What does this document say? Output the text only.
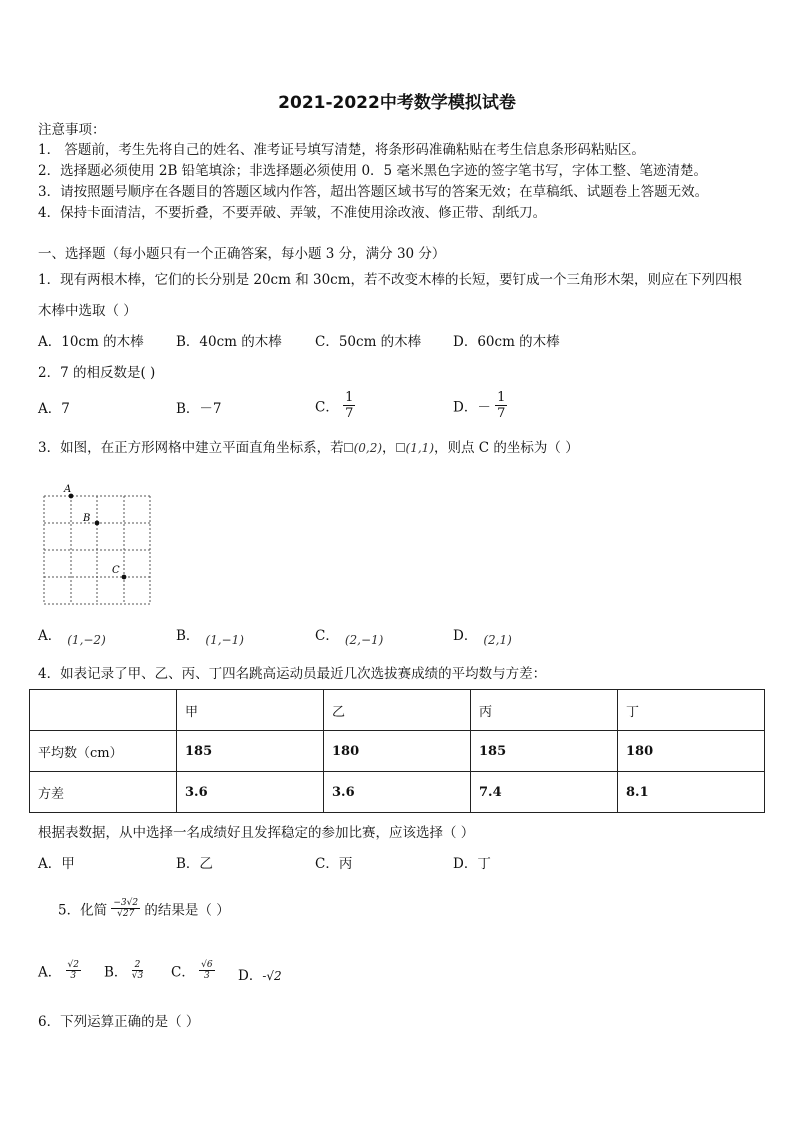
2021-2022中考数学模拟试卷
注意事项：
1． 答题前，考生先将自己的姓名、准考证号填写清楚，将条形码准确粘贴在考生信息条形码粘贴区。
2．选择题必须使用 2B 铅笔填涂；非选择题必须使用 0．5 毫米黑色字迹的签字笔书写，字体工整、笔迹清楚。
3．请按照题号顺序在各题目的答题区域内作答，超出答题区域书写的答案无效；在草稿纸、试题卷上答题无效。
4．保持卡面清洁，不要折叠，不要弄破、弄皱，不准使用涂改液、修正带、刮纸刀。
一、选择题（每小题只有一个正确答案，每小题 3 分，满分 30 分）
1．现有两根木棒，它们的长分别是 20cm 和 30cm，若不改变木棒的长短，要钉成一个三角形木架，则应在下列四根
木棒中选取（ ）
A．10cm 的木棒 B．40cm 的木棒 C．50cm 的木棒 D．60cm 的木棒
2．7 的相反数是( )
A．7	B．－7	C． $\frac{1}{7}$	D．－ $\frac{1}{7}$
3．如图，在正方形网格中建立平面直角坐标系，若 (0,2)， (1,1)，则点 C 的坐标为（ ）
A
B
C
A． (1,−2)	B． (1,−1)	C． (2,−1)	D． (2,1)
4．如表记录了甲、乙、丙、丁四名跳高运动员最近几次选拔赛成绩的平均数与方差：
	甲	乙	丙	丁
平均数（cm）	185	180	185	180
方差	3.6	3.6	7.4	8.1
根据表数据，从中选择一名成绩好且发挥稳定的参加比赛，应该选择（ ）
A．甲	B．乙	C．丙	D．丁
5．化简 $\frac{-3√2}{√27}$ 的结果是（ ）
A． $\frac{√2}{3}$ B． $\frac{2}{√3}$ C． $\frac{√6}{3}$ D．-√2
6．下列运算正确的是（ ）
